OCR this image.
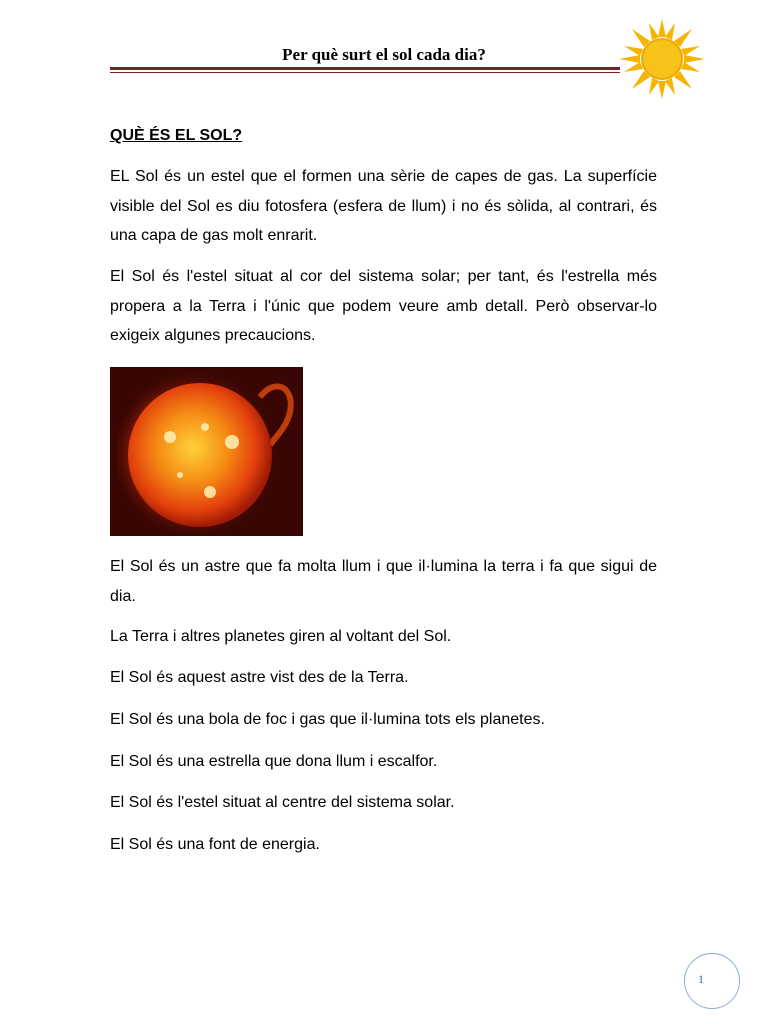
Per què surt el sol cada dia?
QUÈ ÉS EL SOL?

EL Sol és un estel que el formen una sèrie de capes de gas. La superfície visible del Sol es diu fotosfera (esfera de llum) i no és sòlida, al contrari, és una capa de gas molt enrarit.

El Sol és l'estel situat al cor del sistema solar; per tant, és l'estrella més propera a la Terra i l'únic que podem veure amb detall. Però observar-lo exigeix algunes precaucions.

El Sol és un astre que fa molta llum i que il·lumina la terra i fa que sigui de dia.

La Terra i altres planetes giren al voltant del Sol.

El Sol és aquest astre vist des de la Terra.

El Sol és una bola de foc i gas que il·lumina tots els planetes.

El Sol és una estrella que dona llum i escalfor.

El Sol és l'estel situat al centre del sistema solar.

El Sol és una font de energia.

1
